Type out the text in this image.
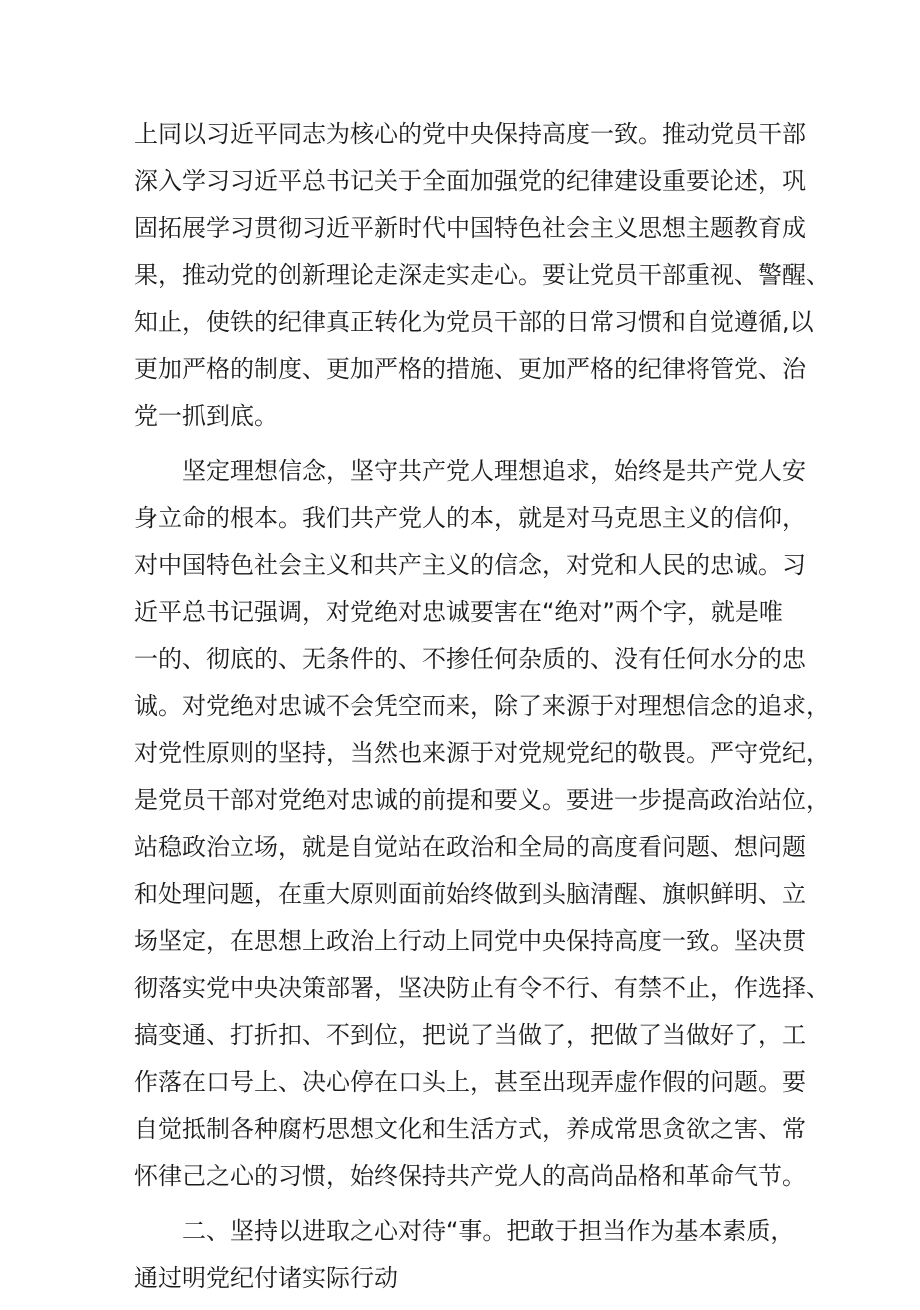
上同以习近平同志为核心的党中央保持高度一致。推动党员干部
深入学习习近平总书记关于全面加强党的纪律建设重要论述，巩
固拓展学习贯彻习近平新时代中国特色社会主义思想主题教育成
果，推动党的创新理论走深走实走心。要让党员干部重视、警醒、
知止，使铁的纪律真正转化为党员干部的日常习惯和自觉遵循,以
更加严格的制度、更加严格的措施、更加严格的纪律将管党、治
党一抓到底。
坚定理想信念，坚守共产党人理想追求，始终是共产党人安
身立命的根本。我们共产党人的本，就是对马克思主义的信仰，
对中国特色社会主义和共产主义的信念，对党和人民的忠诚。习
近平总书记强调，对党绝对忠诚要害在“绝对”两个字，就是唯
一的、彻底的、无条件的、不掺任何杂质的、没有任何水分的忠
诚。对党绝对忠诚不会凭空而来，除了来源于对理想信念的追求，
对党性原则的坚持，当然也来源于对党规党纪的敬畏。严守党纪，
是党员干部对党绝对忠诚的前提和要义。要进一步提高政治站位，
站稳政治立场，就是自觉站在政治和全局的高度看问题、想问题
和处理问题，在重大原则面前始终做到头脑清醒、旗帜鲜明、立
场坚定，在思想上政治上行动上同党中央保持高度一致。坚决贯
彻落实党中央决策部署，坚决防止有令不行、有禁不止，作选择、
搞变通、打折扣、不到位，把说了当做了，把做了当做好了，工
作落在口号上、决心停在口头上，甚至出现弄虚作假的问题。要
自觉抵制各种腐朽思想文化和生活方式，养成常思贪欲之害、常
怀律己之心的习惯，始终保持共产党人的高尚品格和革命气节。
二、坚持以进取之心对待“事。把敢于担当作为基本素质，
通过明党纪付诸实际行动
